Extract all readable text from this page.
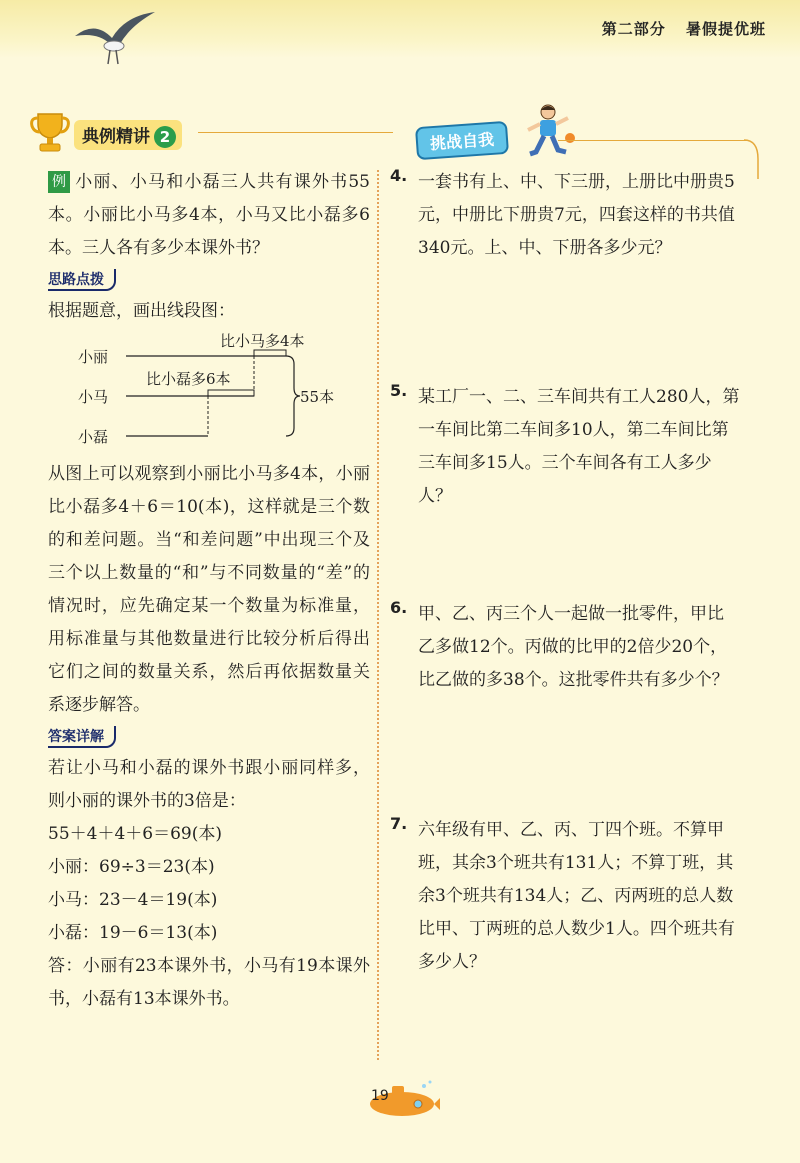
第二部分 暑假提优班
典例精讲 2	挑战自我

例 小丽、小马和小磊三人共有课外书55本。小丽比小马多4本，小马又比小磊多6本。三人各有多少本课外书？

思路点拨

根据题意，画出线段图：

小丽
小马
小磊
比小马多4本
比小磊多6本
55本

从图上可以观察到小丽比小马多4本，小丽比小磊多4＋6＝10(本)，这样就是三个数的和差问题。当“和差问题”中出现三个及三个以上数量的“和”与不同数量的“差”的情况时，应先确定某一个数量为标准量，用标准量与其他数量进行比较分析后得出它们之间的数量关系，然后再依据数量关系逐步解答。

答案详解

若让小马和小磊的课外书跟小丽同样多，则小丽的课外书的3倍是：

55＋4＋4＋6＝69(本)

小丽：69÷3＝23(本)

小马：23－4＝19(本)

小磊：19－6＝13(本)

答：小丽有23本课外书，小马有19本课外书，小磊有13本课外书。

4. 一套书有上、中、下三册，上册比中册贵5元，中册比下册贵7元，四套这样的书共值340元。上、中、下册各多少元？
5. 某工厂一、二、三车间共有工人280人，第一车间比第二车间多10人，第二车间比第三车间多15人。三个车间各有工人多少人？
6. 甲、乙、丙三个人一起做一批零件，甲比乙多做12个。丙做的比甲的2倍少20个，比乙做的多38个。这批零件共有多少个？
7. 六年级有甲、乙、丙、丁四个班。不算甲班，其余3个班共有131人；不算丁班，其余3个班共有134人；乙、丙两班的总人数比甲、丁两班的总人数少1人。四个班共有多少人？
19
